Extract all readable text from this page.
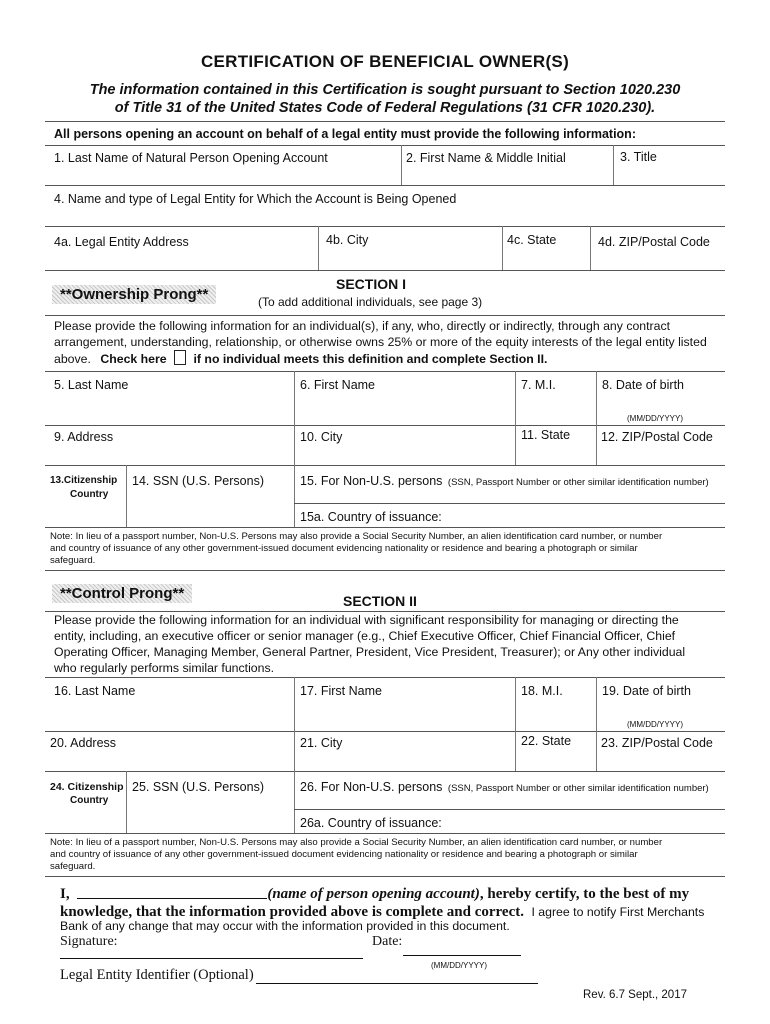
CERTIFICATION OF BENEFICIAL OWNER(S)
The information contained in this Certification is sought pursuant to Section 1020.230
of Title 31 of the United States Code of Federal Regulations (31 CFR 1020.230).
All persons opening an account on behalf of a legal entity must provide the following information:
1. Last Name of Natural Person Opening Account	2. First Name & Middle Initial	3. Title
4. Name and type of Legal Entity for Which the Account is Being Opened
4a. Legal Entity Address	4b. City	4c. State	4d. ZIP/Postal Code
**Ownership Prong**
SECTION I
(To add additional individuals, see page 3)
Please provide the following information for an individual(s), if any, who, directly or indirectly, through any contract
arrangement, understanding, relationship, or otherwise owns 25% or more of the equity interests of the legal entity listed
above. Check here if no individual meets this definition and complete Section II.
5. Last Name	6. First Name	7. M.I.	8. Date of birth
(MM/DD/YYYY)
9. Address	10. City	11. State 12. ZIP/Postal Code
13.Citizenship
Country
14. SSN (U.S. Persons)	15. For Non-U.S. persons (SSN, Passport Number or other similar identification number)
15a. Country of issuance:
Note: In lieu of a passport number, Non-U.S. Persons may also provide a Social Security Number, an alien identification card number, or number
and country of issuance of any other government-issued document evidencing nationality or residence and bearing a photograph or similar
safeguard.
**Control Prong**	SECTION II
Please provide the following information for an individual with significant responsibility for managing or directing the
entity, including, an executive officer or senior manager (e.g., Chief Executive Officer, Chief Financial Officer, Chief
Operating Officer, Managing Member, General Partner, President, Vice President, Treasurer); or Any other individual
who regularly performs similar functions.
16. Last Name	17. First Name	18. M.I.	19. Date of birth
(MM/DD/YYYY)
20. Address	21. City	22. State 23. ZIP/Postal Code
24. Citizenship
Country
25. SSN (U.S. Persons)	26. For Non-U.S. persons (SSN, Passport Number or other similar identification number)
26a. Country of issuance:
Note: In lieu of a passport number, Non-U.S. Persons may also provide a Social Security Number, an alien identification card number, or number
and country of issuance of any other government-issued document evidencing nationality or residence and bearing a photograph or similar
safeguard.
I,	(name of person opening account), hereby certify, to the best of my
knowledge, that the information provided above is complete and correct. I agree to notify First Merchants
Bank of any change that may occur with the information provided in this document.
Signature:	Date:
(MM/DD/YYYY)
Legal Entity Identifier (Optional)
Rev. 6.7 Sept., 2017
